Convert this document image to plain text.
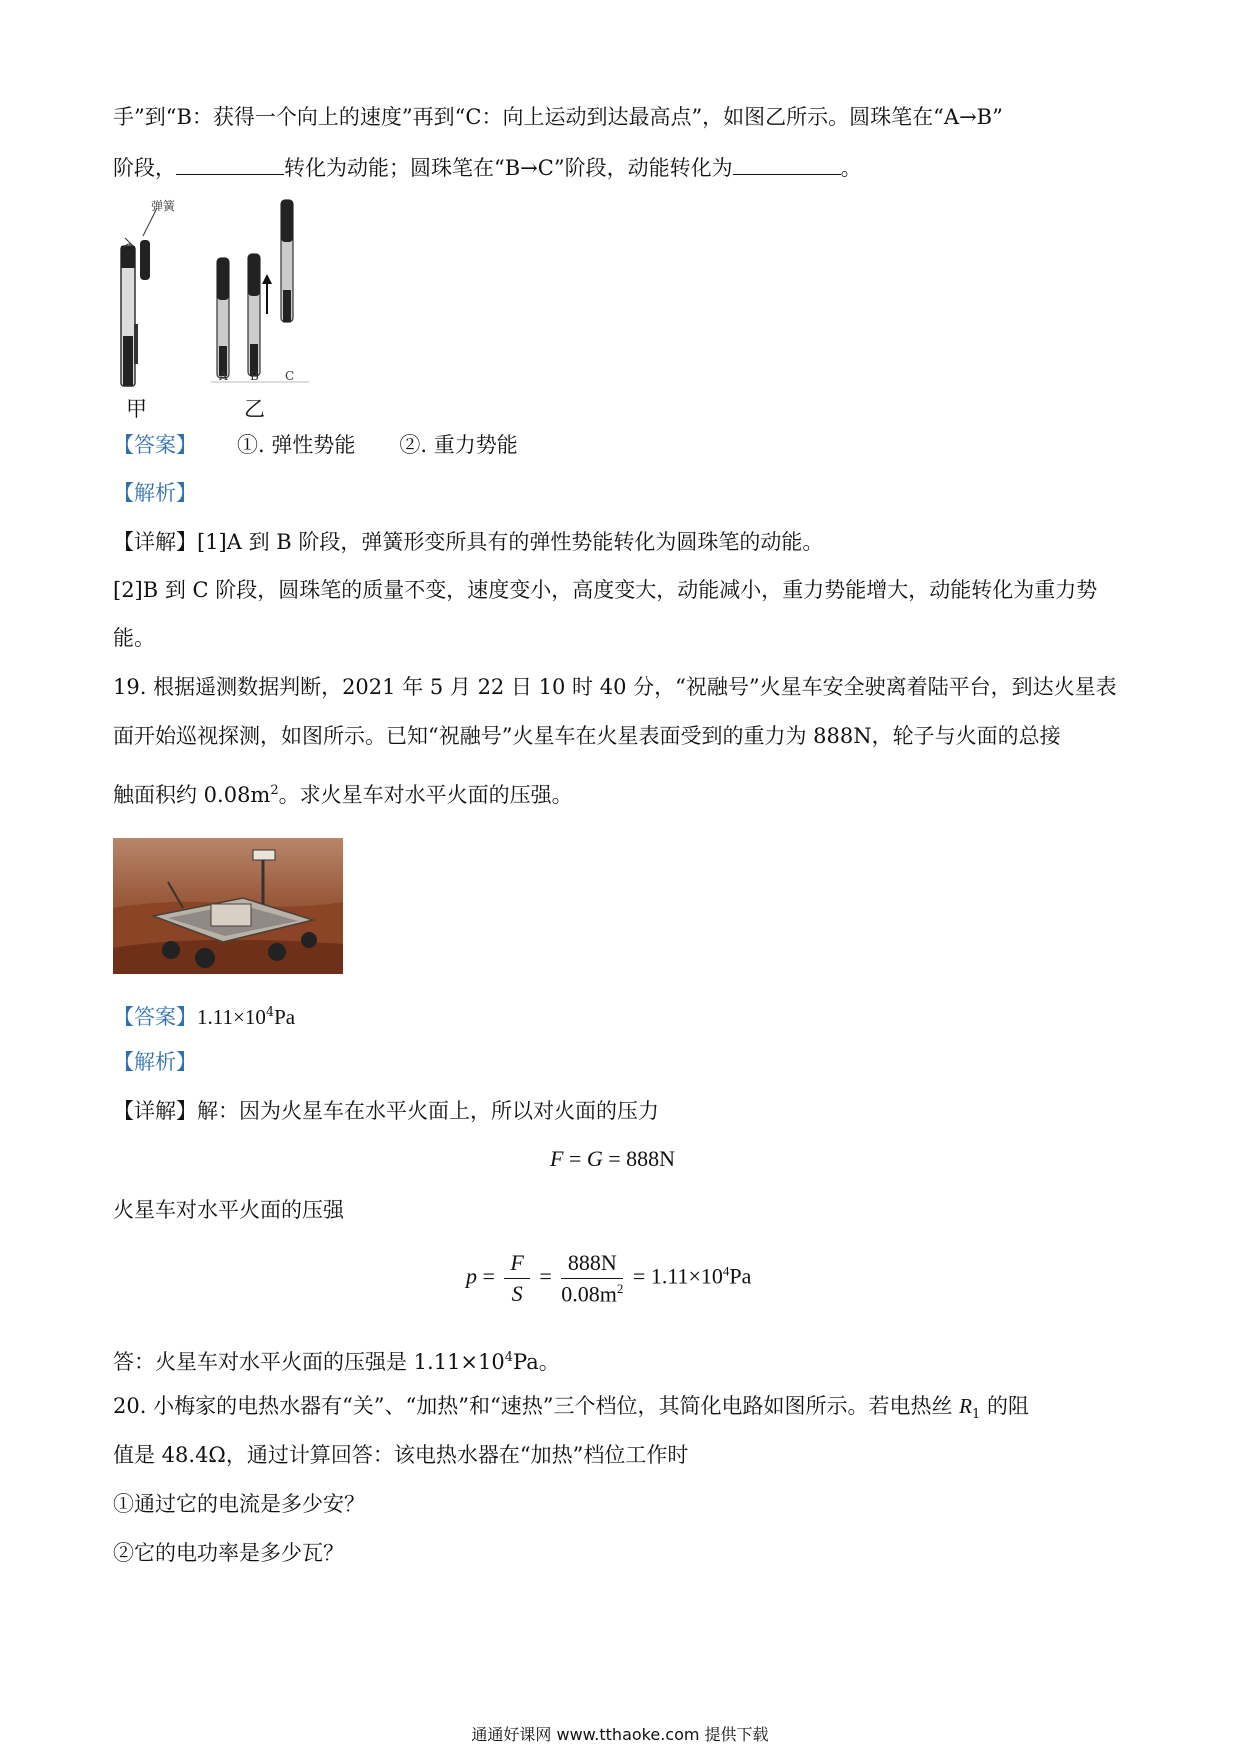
手”到“B：获得一个向上的速度”再到“C：向上运动到达最高点”，如图乙所示。圆珠笔在“A→B”
阶段，	转化为动能；圆珠笔在“B→C”阶段，动能转化为	。
弹簧
A B C
甲	乙
【答案】 ①. 弹性势能 ②. 重力势能
【解析】
【详解】[1]A 到 B 阶段，弹簧形变所具有的弹性势能转化为圆珠笔的动能。
[2]B 到 C 阶段，圆珠笔的质量不变，速度变小，高度变大，动能减小，重力势能增大，动能转化为重力势
能。
19. 根据遥测数据判断，2021 年 5 月 22 日 10 时 40 分，“祝融号”火星车安全驶离着陆平台，到达火星表
面开始巡视探测，如图所示。已知“祝融号”火星车在火星表面受到的重力为 888N，轮子与火面的总接
触面积约 $0.08m^2$。求火星车对水平火面的压强。
【答案】$1.11\times 10^4Pa$
【解析】
【详解】解：因为火星车在水平火面上，所以对火面的压力
F = G = 888N
火星车对水平火面的压强
$p = \frac{F}{S} = \frac{888N}{0.08m^2} = 1.11\times 10^4Pa$
答：火星车对水平火面的压强是 $1.11\times 10^4Pa$。
20. 小梅家的电热水器有“关”、“加热”和“速热”三个档位，其简化电路如图所示。若电热丝 $R_1$ 的阻
值是 48.4Ω，通过计算回答：该电热水器在“加热”档位工作时
①通过它的电流是多少安？
②它的电功率是多少瓦？
通通好课网 www.tthaoke.com 提供下载
